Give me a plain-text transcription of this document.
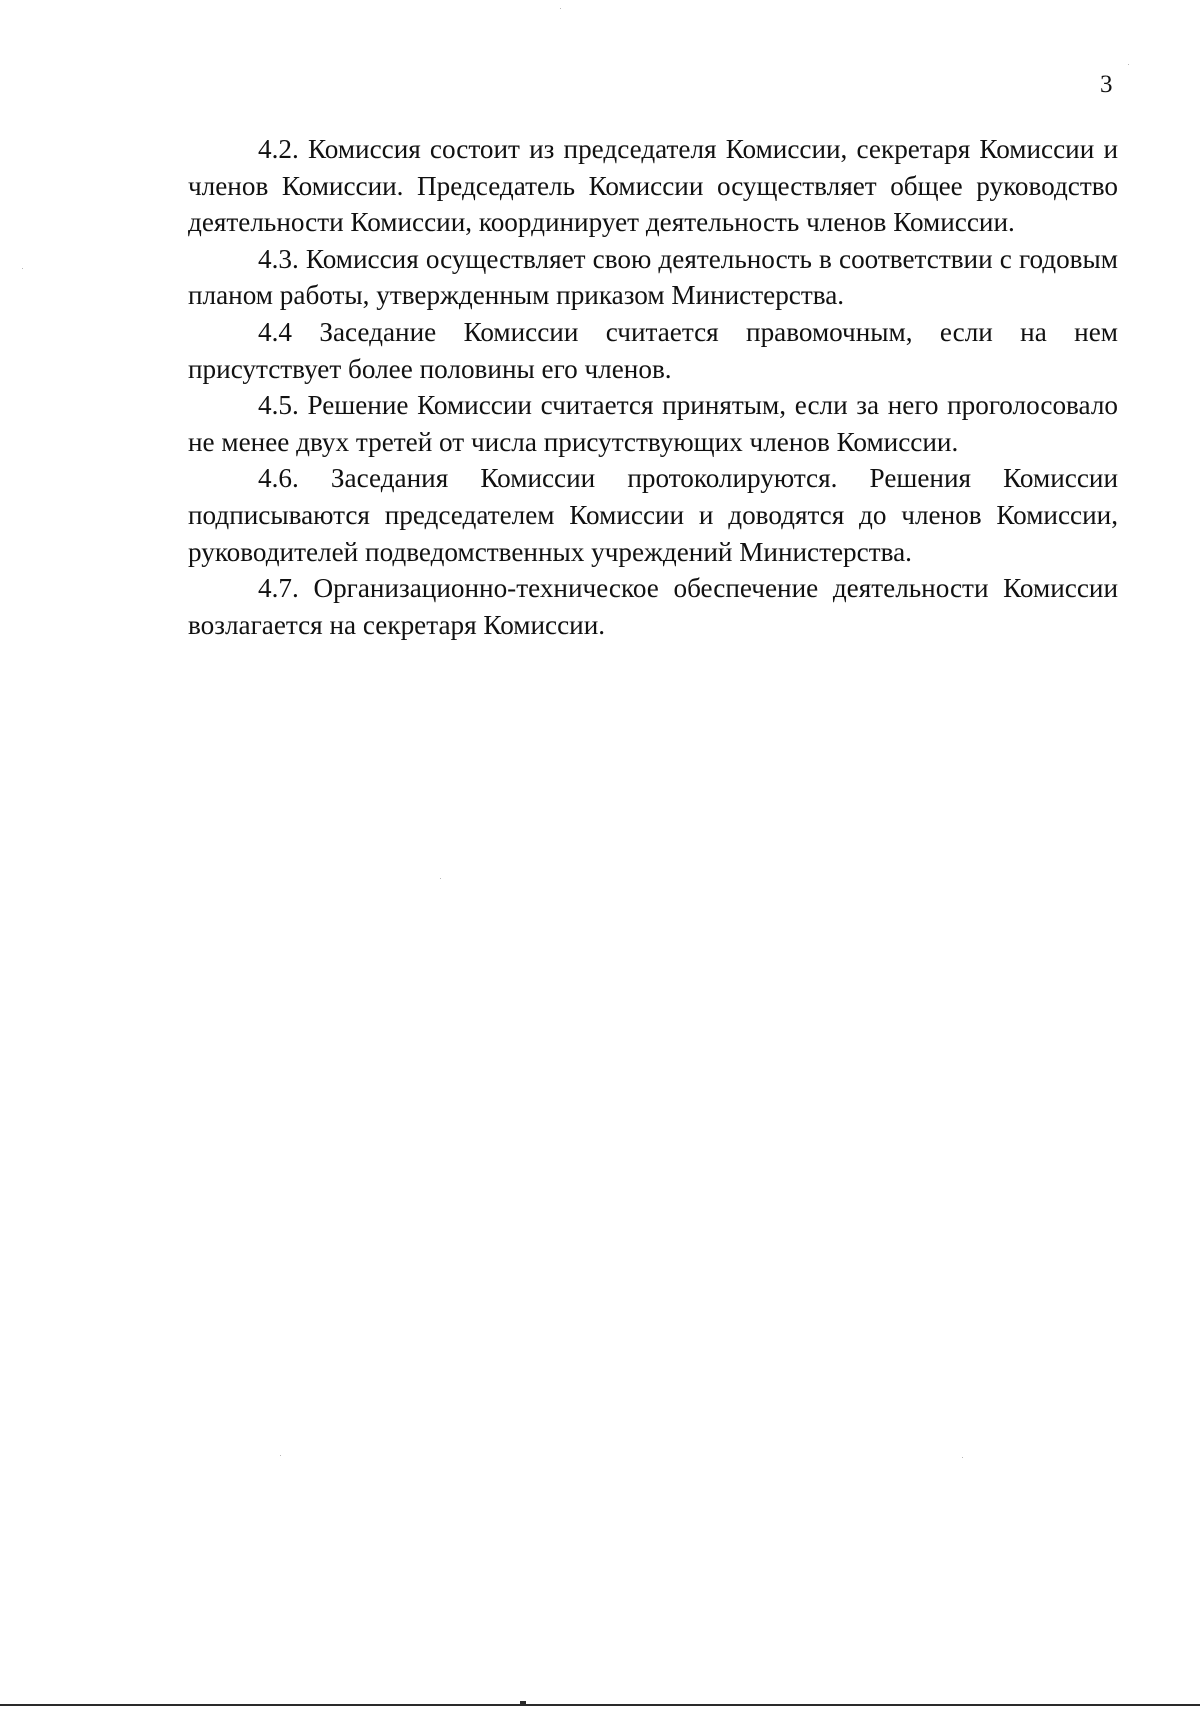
3

4.2. Комиссия состоит из председателя Комиссии, секретаря Комиссии и членов Комиссии. Председатель Комиссии осуществляет общее руководство деятельности Комиссии, координирует деятельность членов Комиссии.

4.3. Комиссия осуществляет свою деятельность в соответствии с годовым планом работы, утвержденным приказом Министерства.

4.4 Заседание Комиссии считается правомочным, если на нем присутствует более половины его членов.

4.5. Решение Комиссии считается принятым, если за него проголосовало не менее двух третей от числа присутствующих членов Комиссии.

4.6. Заседания Комиссии протоколируются. Решения Комиссии подписываются председателем Комиссии и доводятся до членов Комиссии, руководителей подведомственных учреждений Министерства.

4.7. Организационно-техническое обеспечение деятельности Комиссии возлагается на секретаря Комиссии.
